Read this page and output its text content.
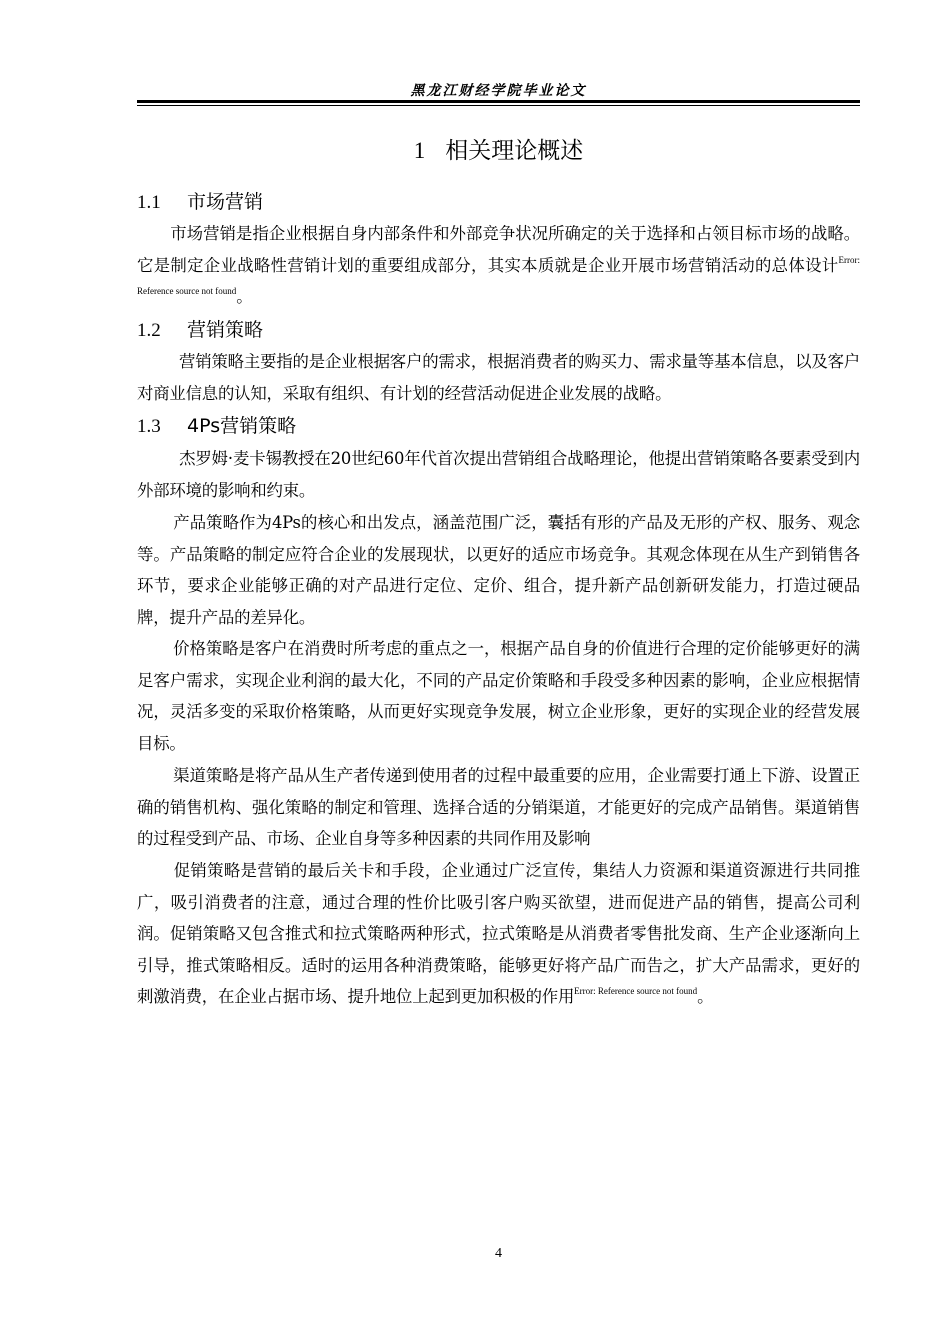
黑龙江财经学院毕业论文
1 相关理论概述
1.1 市场营销
市场营销是指企业根据自身内部条件和外部竞争状况所确定的关于选择和占领目标市场的战略。它是制定企业战略性营销计划的重要组成部分，其实本质就是企业开展市场营销活动的总体设计$^{Error: Reference source not found}$。
1.2 营销策略
营销策略主要指的是企业根据客户的需求，根据消费者的购买力、需求量等基本信息，以及客户对商业信息的认知，采取有组织、有计划的经营活动促进企业发展的战略。
1.3 4Ps营销策略
杰罗姆·麦卡锡教授在20世纪60年代首次提出营销组合战略理论，他提出营销策略各要素受到内外部环境的影响和约束。
产品策略作为4Ps的核心和出发点，涵盖范围广泛，囊括有形的产品及无形的产权、服务、观念等。产品策略的制定应符合企业的发展现状，以更好的适应市场竞争。其观念体现在从生产到销售各环节，要求企业能够正确的对产品进行定位、定价、组合，提升新产品创新研发能力，打造过硬品牌，提升产品的差异化。
价格策略是客户在消费时所考虑的重点之一，根据产品自身的价值进行合理的定价能够更好的满足客户需求，实现企业利润的最大化，不同的产品定价策略和手段受多种因素的影响，企业应根据情况，灵活多变的采取价格策略，从而更好实现竞争发展，树立企业形象，更好的实现企业的经营发展目标。
渠道策略是将产品从生产者传递到使用者的过程中最重要的应用，企业需要打通上下游、设置正确的销售机构、强化策略的制定和管理、选择合适的分销渠道，才能更好的完成产品销售。渠道销售的过程受到产品、市场、企业自身等多种因素的共同作用及影响
促销策略是营销的最后关卡和手段，企业通过广泛宣传，集结人力资源和渠道资源进行共同推广，吸引消费者的注意，通过合理的性价比吸引客户购买欲望，进而促进产品的销售，提高公司利润。促销策略又包含推式和拉式策略两种形式，拉式策略是从消费者零售批发商、生产企业逐渐向上引导，推式策略相反。适时的运用各种消费策略，能够更好将产品广而告之，扩大产品需求，更好的刺激消费，在企业占据市场、提升地位上起到更加积极的作用$^{Error: Reference source not found}$。
4
